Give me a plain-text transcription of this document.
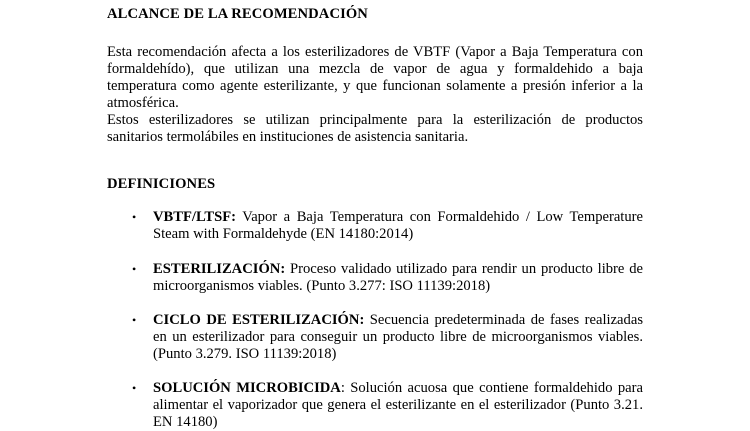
ALCANCE DE LA RECOMENDACIÓN

Esta recomendación afecta a los esterilizadores de VBTF (Vapor a Baja Temperatura con formaldehído), que utilizan una mezcla de vapor de agua y formaldehido a baja temperatura como agente esterilizante, y que funcionan solamente a presión inferior a la atmosférica.

Estos esterilizadores se utilizan principalmente para la esterilización de productos sanitarios termolábiles en instituciones de asistencia sanitaria.

DEFINICIONES
• VBTF/LTSF: Vapor a Baja Temperatura con Formaldehido / Low Temperature Steam with Formaldehyde (EN 14180:2014)

• ESTERILIZACIÓN: Proceso validado utilizado para rendir un producto libre de microorganismos viables. (Punto 3.277: ISO 11139:2018)

• CICLO DE ESTERILIZACIÓN: Secuencia predeterminada de fases realizadas en un esterilizador para conseguir un producto libre de microorganismos viables. (Punto 3.279. ISO 11139:2018)

• SOLUCIÓN MICROBICIDA: Solución acuosa que contiene formaldehido para alimentar el vaporizador que genera el esterilizante en el esterilizador (Punto 3.21. EN 14180)
